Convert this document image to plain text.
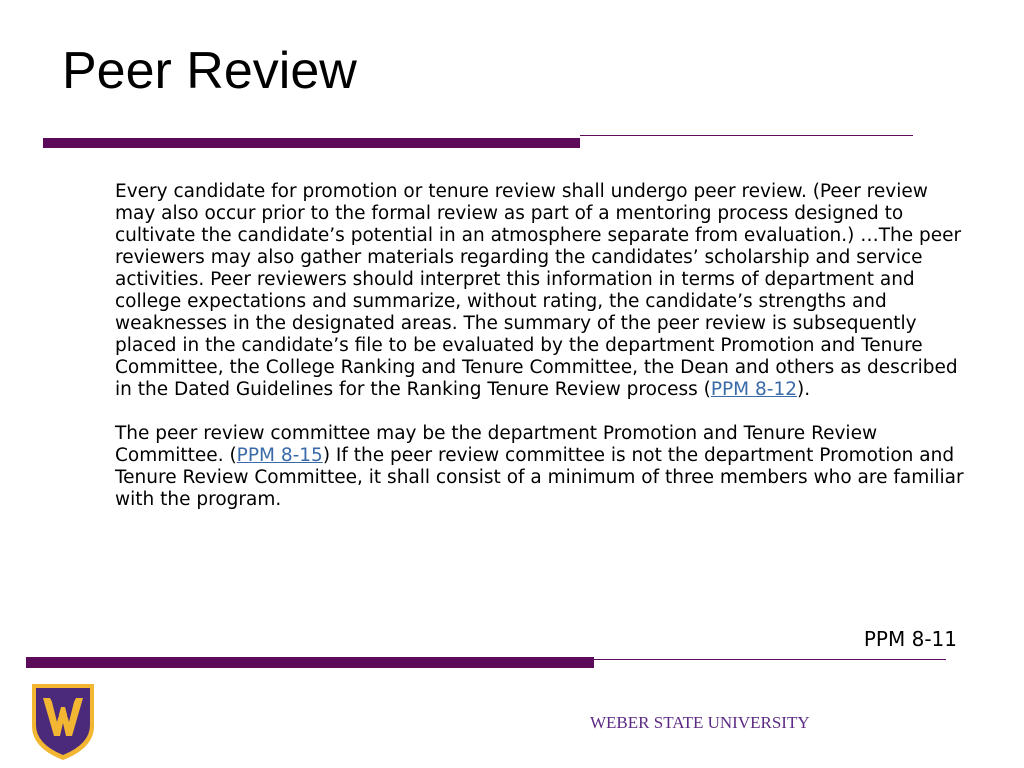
Peer Review

Every candidate for promotion or tenure review shall undergo peer review. (Peer review may also occur prior to the formal review as part of a mentoring process designed to cultivate the candidate’s potential in an atmosphere separate from evaluation.) …The peer reviewers may also gather materials regarding the candidates’ scholarship and service activities. Peer reviewers should interpret this information in terms of department and college expectations and summarize, without rating, the candidate’s strengths and weaknesses in the designated areas. The summary of the peer review is subsequently placed in the candidate’s file to be evaluated by the department Promotion and Tenure Committee, the College Ranking and Tenure Committee, the Dean and others as described in the Dated Guidelines for the Ranking Tenure Review process (PPM 8-12).

The peer review committee may be the department Promotion and Tenure Review Committee. (PPM 8-15) If the peer review committee is not the department Promotion and Tenure Review Committee, it shall consist of a minimum of three members who are familiar with the program.

PPM 8-11
WEBER STATE UNIVERSITY
